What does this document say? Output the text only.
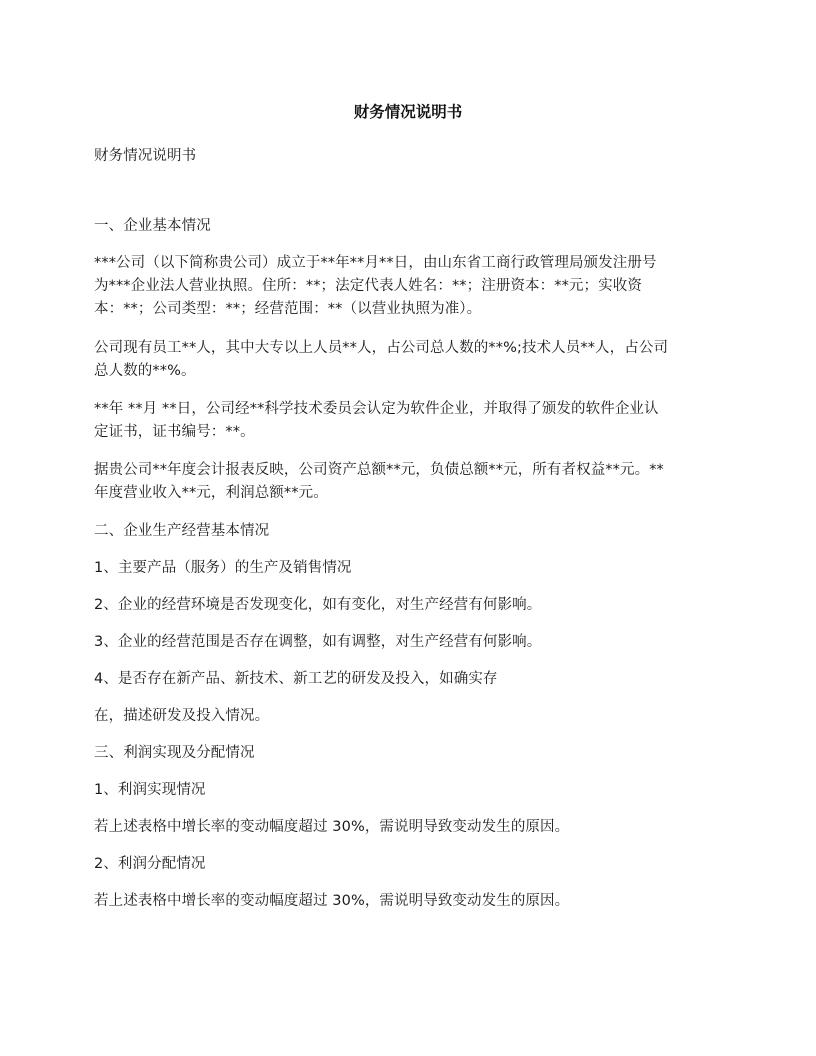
财务情况说明书
财务情况说明书
一、企业基本情况
***公司（以下简称贵公司）成立于**年**月**日，由山东省工商行政管理局颁发注册号
为***企业法人营业执照。住所：**；法定代表人姓名：**；注册资本：**元；实收资
本：**；公司类型：**；经营范围：**（以营业执照为准）。
公司现有员工**人，其中大专以上人员**人，占公司总人数的**%;技术人员**人，占公司
总人数的**%。
**年 **月 **日，公司经**科学技术委员会认定为软件企业，并取得了颁发的软件企业认
定证书，证书编号：**。
据贵公司**年度会计报表反映，公司资产总额**元，负债总额**元，所有者权益**元。**
年度营业收入**元，利润总额**元。
二、企业生产经营基本情况
1、主要产品（服务）的生产及销售情况
2、企业的经营环境是否发现变化，如有变化，对生产经营有何影响。
3、企业的经营范围是否存在调整，如有调整，对生产经营有何影响。
4、是否存在新产品、新技术、新工艺的研发及投入，如确实存
在，描述研发及投入情况。
三、利润实现及分配情况
1、利润实现情况
若上述表格中增长率的变动幅度超过 30%，需说明导致变动发生的原因。
2、利润分配情况
若上述表格中增长率的变动幅度超过 30%，需说明导致变动发生的原因。
